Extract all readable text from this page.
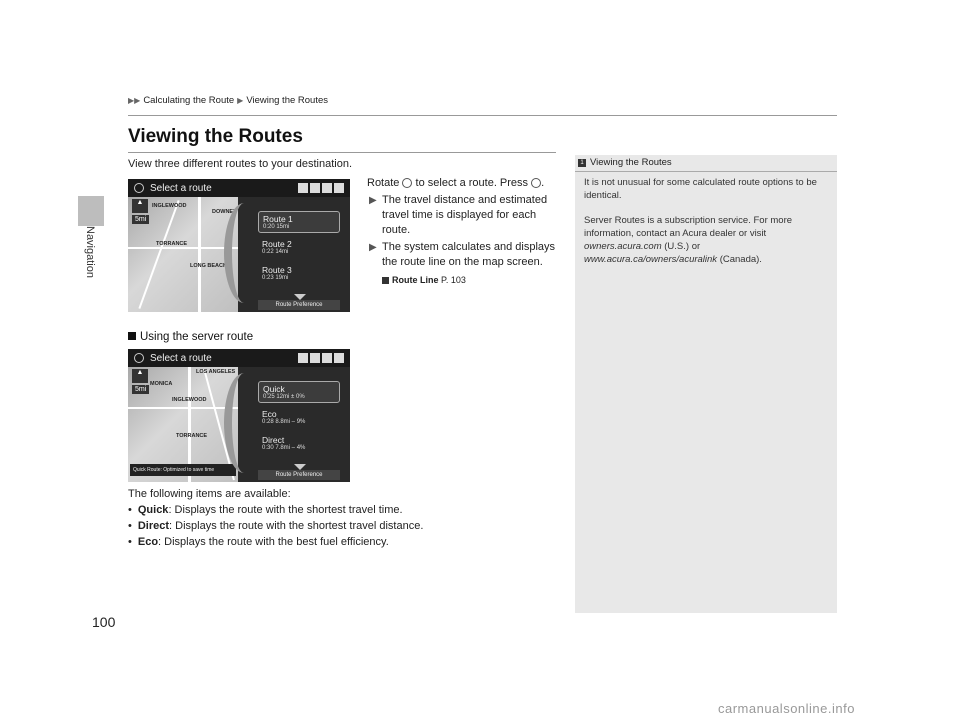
Navigation
▶▶ Calculating the Route ▶ Viewing the Routes
Viewing the Routes
View three different routes to your destination.
Select a route
INGLEWOOD
DOWNEY
TORRANCE
LONG BEACH
▲
5mi	Route 1
0:20 15mi
Route 2
0:22 14mi
Route 3
0:23 19mi
Route Preference
Rotate to select a route. Press .
▶ The travel distance and estimated travel time is displayed for each route.
▶ The system calculates and displays the route line on the map screen.
Route Line P. 103
Using the server route
Select a route
LOS ANGELES
MONICA
INGLEWOOD
TORRANCE
▲
5mi
Quick Route: Optimized to save time
Quick
0:25 12mi ± 0%
Eco
0:28 8.8mi – 9%
Direct
0:30 7.8mi – 4%
Route Preference
The following items are available:
• Quick: Displays the route with the shortest travel time.
• Direct: Displays the route with the shortest travel distance.
• Eco: Displays the route with the best fuel efficiency.
1 Viewing the Routes

It is not unusual for some calculated route options to be identical.

Server Routes is a subscription service. For more information, contact an Acura dealer or visit owners.acura.com (U.S.) or www.acura.ca/owners/acuralink (Canada).

100
carmanualsonline.info
